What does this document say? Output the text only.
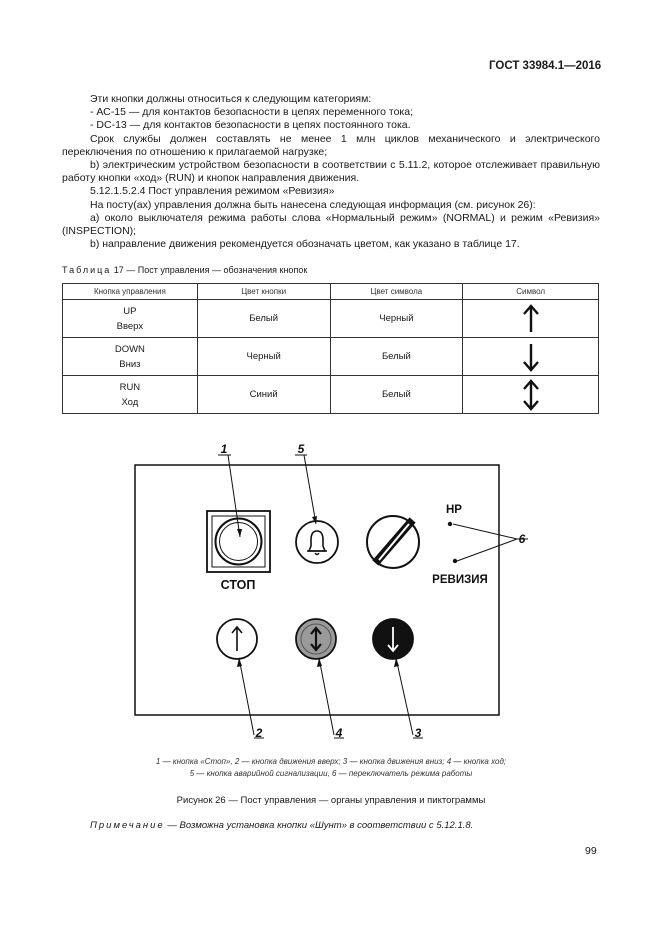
ГОСТ 33984.1—2016
Эти кнопки должны относиться к следующим категориям:
- АС-15 — для контактов безопасности в цепях переменного тока;
- DC-13 — для контактов безопасности в цепях постоянного тока.
Срок службы должен составлять не менее 1 млн циклов механического и электрического переключения по отношению к прилагаемой нагрузке;
b) электрическим устройством безопасности в соответствии с 5.11.2, которое отслеживает правильную работу кнопки «ход» (RUN) и кнопок направления движения.
5.12.1.5.2.4 Пост управления режимом «Ревизия»
На посту(ах) управления должна быть нанесена следующая информация (см. рисунок 26):
a) около выключателя режима работы слова «Нормальный режим» (NORMAL) и режим «Ревизия» (INSPECTION);
b) направление движения рекомендуется обозначать цветом, как указано в таблице 17.
Таблица 17 — Пост управления — обозначения кнопок
Кнопка управления	Цвет кнопки	Цвет символа	Символ

UP
Вверх	Белый	Черный	

DOWN
Вниз	Черный	Белый	

RUN
Ход	Синий	Белый	
СТОП
НР
РЕВИЗИЯ
1	5
6
2	4	3
1 — кнопка «Стоп», 2 — кнопка движения вверх; 3 — кнопка движения вниз; 4 — кнопка ход;
5 — кнопка аварийной сигнализации, 6 — переключатель режима работы
Рисунок 26 — Пост управления — органы управления и пиктограммы
Примечание — Возможна установка кнопки «Шунт» в соответствии с 5.12.1.8.
99
